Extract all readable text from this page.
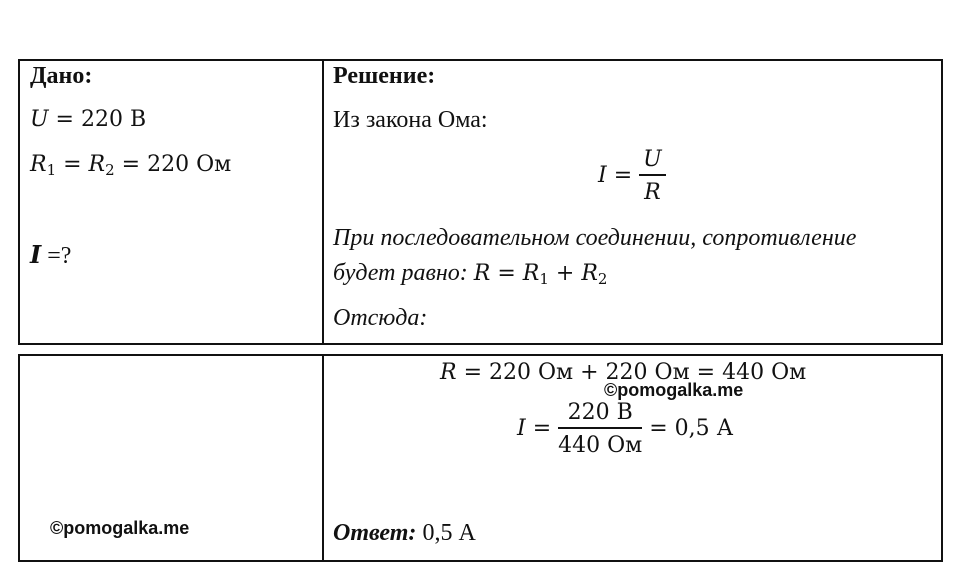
Дано:
U = 220 В
$R_1 = R_2 = 220$ Ом
I =?
Решение:
Из закона Ома:
$I = \frac{U}{R}$
При последовательном соединении, сопротивление
будет равно: $R = R_1 + R_2$
Отсюда:
R = 220 Ом + 220 Ом = 440 Ом
©pomogalka.me
$I = \frac{220 В}{440 Ом} = 0,5$ А
©pomogalka.me	Ответ: 0,5 А
